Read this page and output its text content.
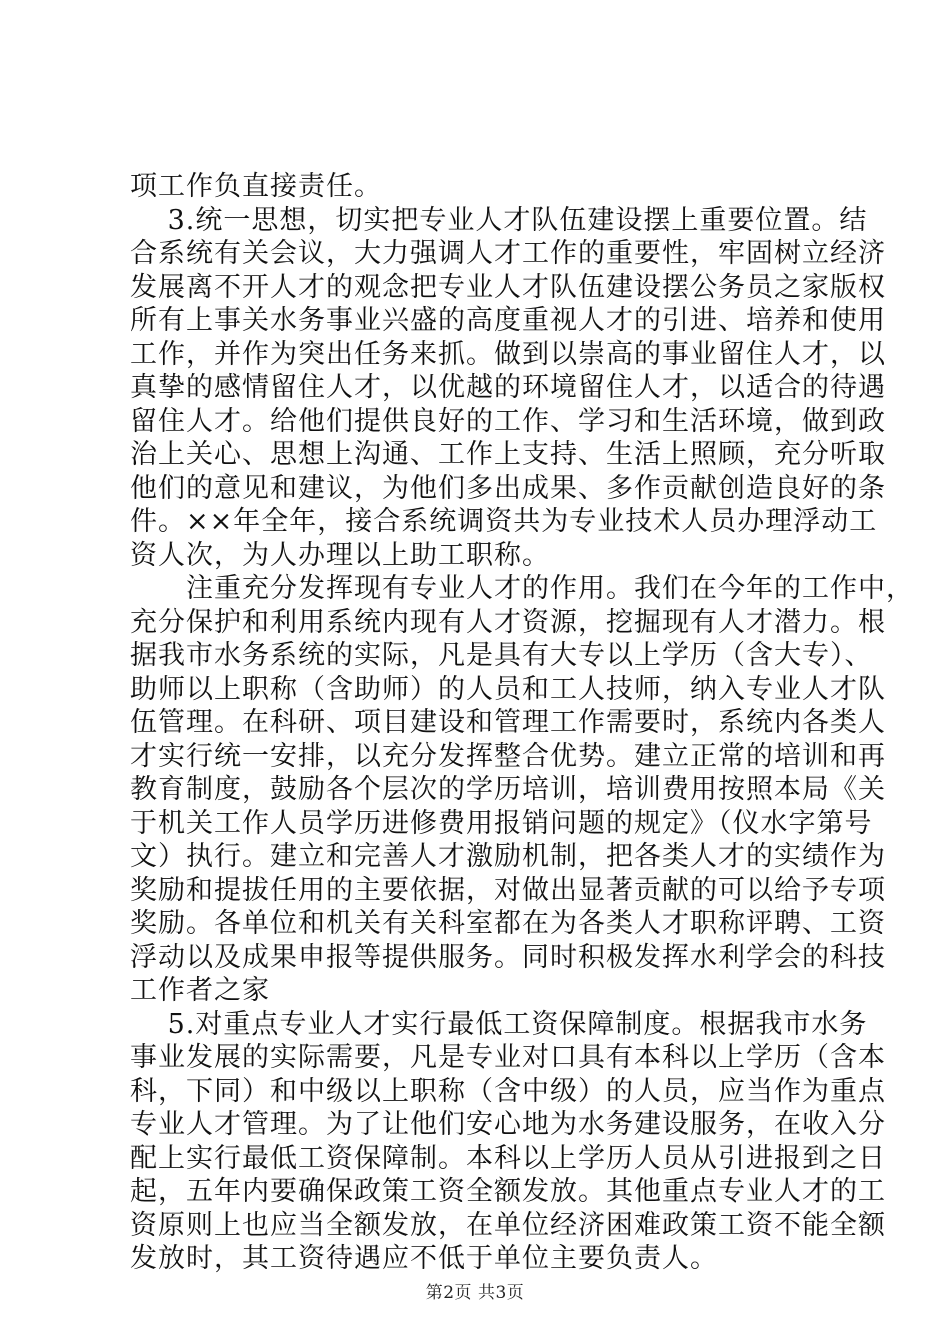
项工作负直接责任。
　 3.统一思想，切实把专业人才队伍建设摆上重要位置。结
合系统有关会议，大力强调人才工作的重要性，牢固树立经济
发展离不开人才的观念把专业人才队伍建设摆公务员之家版权
所有上事关水务事业兴盛的高度重视人才的引进、培养和使用
工作，并作为突出任务来抓。做到以崇高的事业留住人才，以
真挚的感情留住人才，以优越的环境留住人才，以适合的待遇
留住人才。给他们提供良好的工作、学习和生活环境，做到政
治上关心、思想上沟通、工作上支持、生活上照顾，充分听取
他们的意见和建议，为他们多出成果、多作贡献创造良好的条
件。××年全年，接合系统调资共为专业技术人员办理浮动工
资人次，为人办理以上助工职称。
　　注重充分发挥现有专业人才的作用。我们在今年的工作中，
充分保护和利用系统内现有人才资源，挖掘现有人才潜力。根
据我市水务系统的实际，凡是具有大专以上学历（含大专）、
助师以上职称（含助师）的人员和工人技师，纳入专业人才队
伍管理。在科研、项目建设和管理工作需要时，系统内各类人
才实行统一安排，以充分发挥整合优势。建立正常的培训和再
教育制度，鼓励各个层次的学历培训，培训费用按照本局《关
于机关工作人员学历进修费用报销问题的规定》（仪水字第号
文）执行。建立和完善人才激励机制，把各类人才的实绩作为
奖励和提拔任用的主要依据，对做出显著贡献的可以给予专项
奖励。各单位和机关有关科室都在为各类人才职称评聘、工资
浮动以及成果申报等提供服务。同时积极发挥水利学会的科技
工作者之家
　 5.对重点专业人才实行最低工资保障制度。根据我市水务
事业发展的实际需要，凡是专业对口具有本科以上学历（含本
科，下同）和中级以上职称（含中级）的人员，应当作为重点
专业人才管理。为了让他们安心地为水务建设服务，在收入分
配上实行最低工资保障制。本科以上学历人员从引进报到之日
起，五年内要确保政策工资全额发放。其他重点专业人才的工
资原则上也应当全额发放，在单位经济困难政策工资不能全额
发放时，其工资待遇应不低于单位主要负责人。
第2页 共3页
